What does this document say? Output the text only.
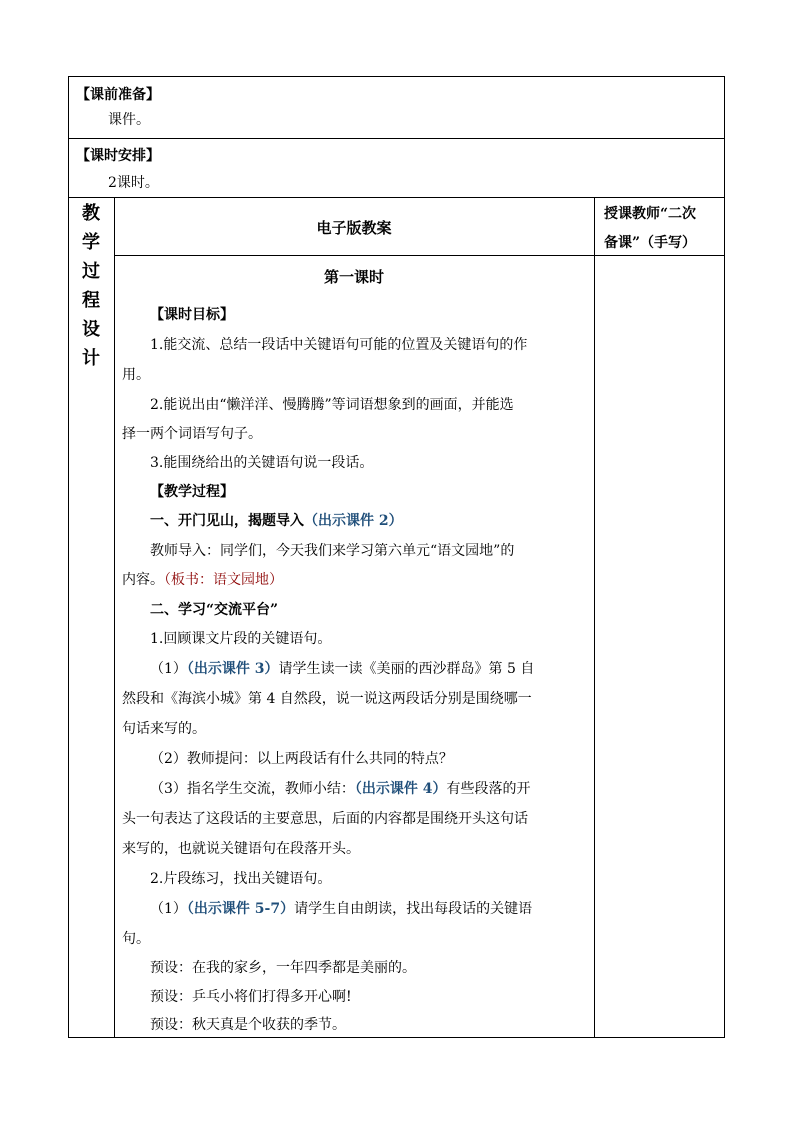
【课前准备】
课件。
【课时安排】
2课时。
教
学
过
程
设
计
电子版教案
授课教师“二次
备课”（手写）
第一课时
【课时目标】
1.能交流、总结一段话中关键语句可能的位置及关键语句的作
用。
2.能说出由“懒洋洋、慢腾腾”等词语想象到的画面，并能选
择一两个词语写句子。
3.能围绕给出的关键语句说一段话。
【教学过程】
一、开门见山，揭题导入（出示课件 2）
教师导入：同学们，今天我们来学习第六单元“语文园地”的
内容。（板书：语文园地）
二、学习“交流平台”
1.回顾课文片段的关键语句。
（1）（出示课件 3）请学生读一读《美丽的西沙群岛》第 5 自
然段和《海滨小城》第 4 自然段，说一说这两段话分别是围绕哪一
句话来写的。
（2）教师提问：以上两段话有什么共同的特点？
（3）指名学生交流，教师小结：（出示课件 4）有些段落的开
头一句表达了这段话的主要意思，后面的内容都是围绕开头这句话
来写的，也就说关键语句在段落开头。
2.片段练习，找出关键语句。
（1）（出示课件 5-7）请学生自由朗读，找出每段话的关键语
句。
预设：在我的家乡，一年四季都是美丽的。
预设：乒乓小将们打得多开心啊!
预设：秋天真是个收获的季节。
